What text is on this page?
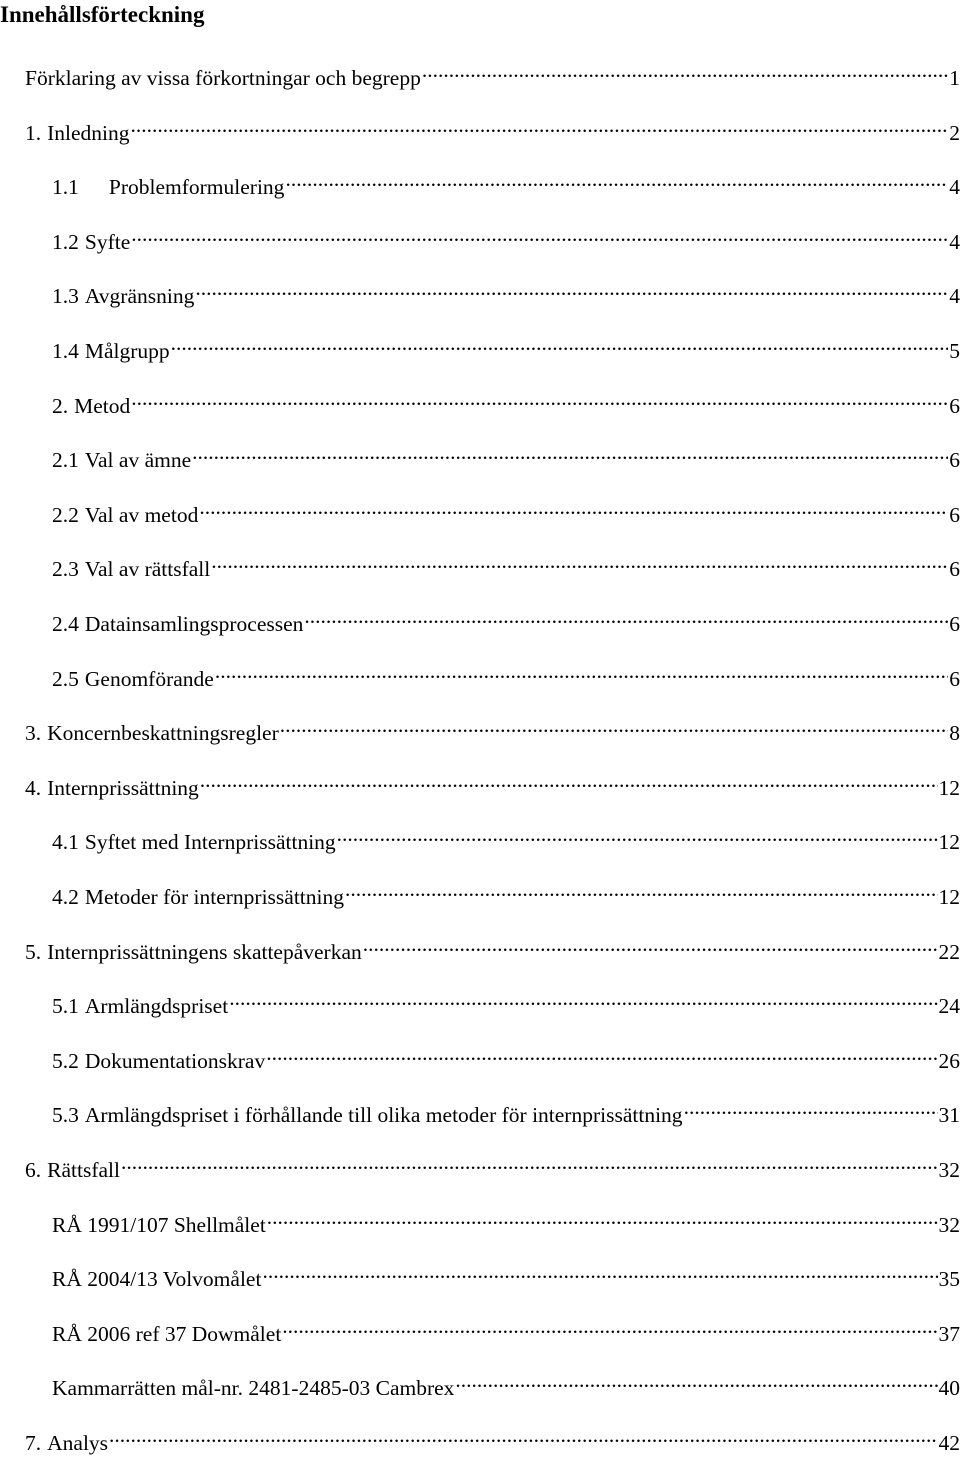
Innehållsförteckning
Förklaring av vissa förkortningar och begrepp .....	1
1. Inledning .....	2
1.1 Problemformulering .....	4
1.2 Syfte .....	4
1.3 Avgränsning .....	4
1.4 Målgrupp .....	5
2. Metod .....	6
2.1 Val av ämne .....	6
2.2 Val av metod .....	6
2.3 Val av rättsfall .....	6
2.4 Datainsamlingsprocessen .....	6
2.5 Genomförande .....	6
3. Koncernbeskattningsregler .....	8
4. Internprissättning .....	12
4.1 Syftet med Internprissättning .....	12
4.2 Metoder för internprissättning .....	12
5. Internprissättningens skattepåverkan .....	22
5.1 Armlängdspriset .....	24
5.2 Dokumentationskrav .....	26
5.3 Armlängdspriset i förhållande till olika metoder för internprissättning .....	31
6. Rättsfall .....	32
RÅ 1991/107 Shellmålet .....	32
RÅ 2004/13 Volvomålet .....	35
RÅ 2006 ref 37 Dowmålet .....	37
Kammarrätten mål-nr. 2481-2485-03 Cambrex .....	40
7. Analys .....	42
